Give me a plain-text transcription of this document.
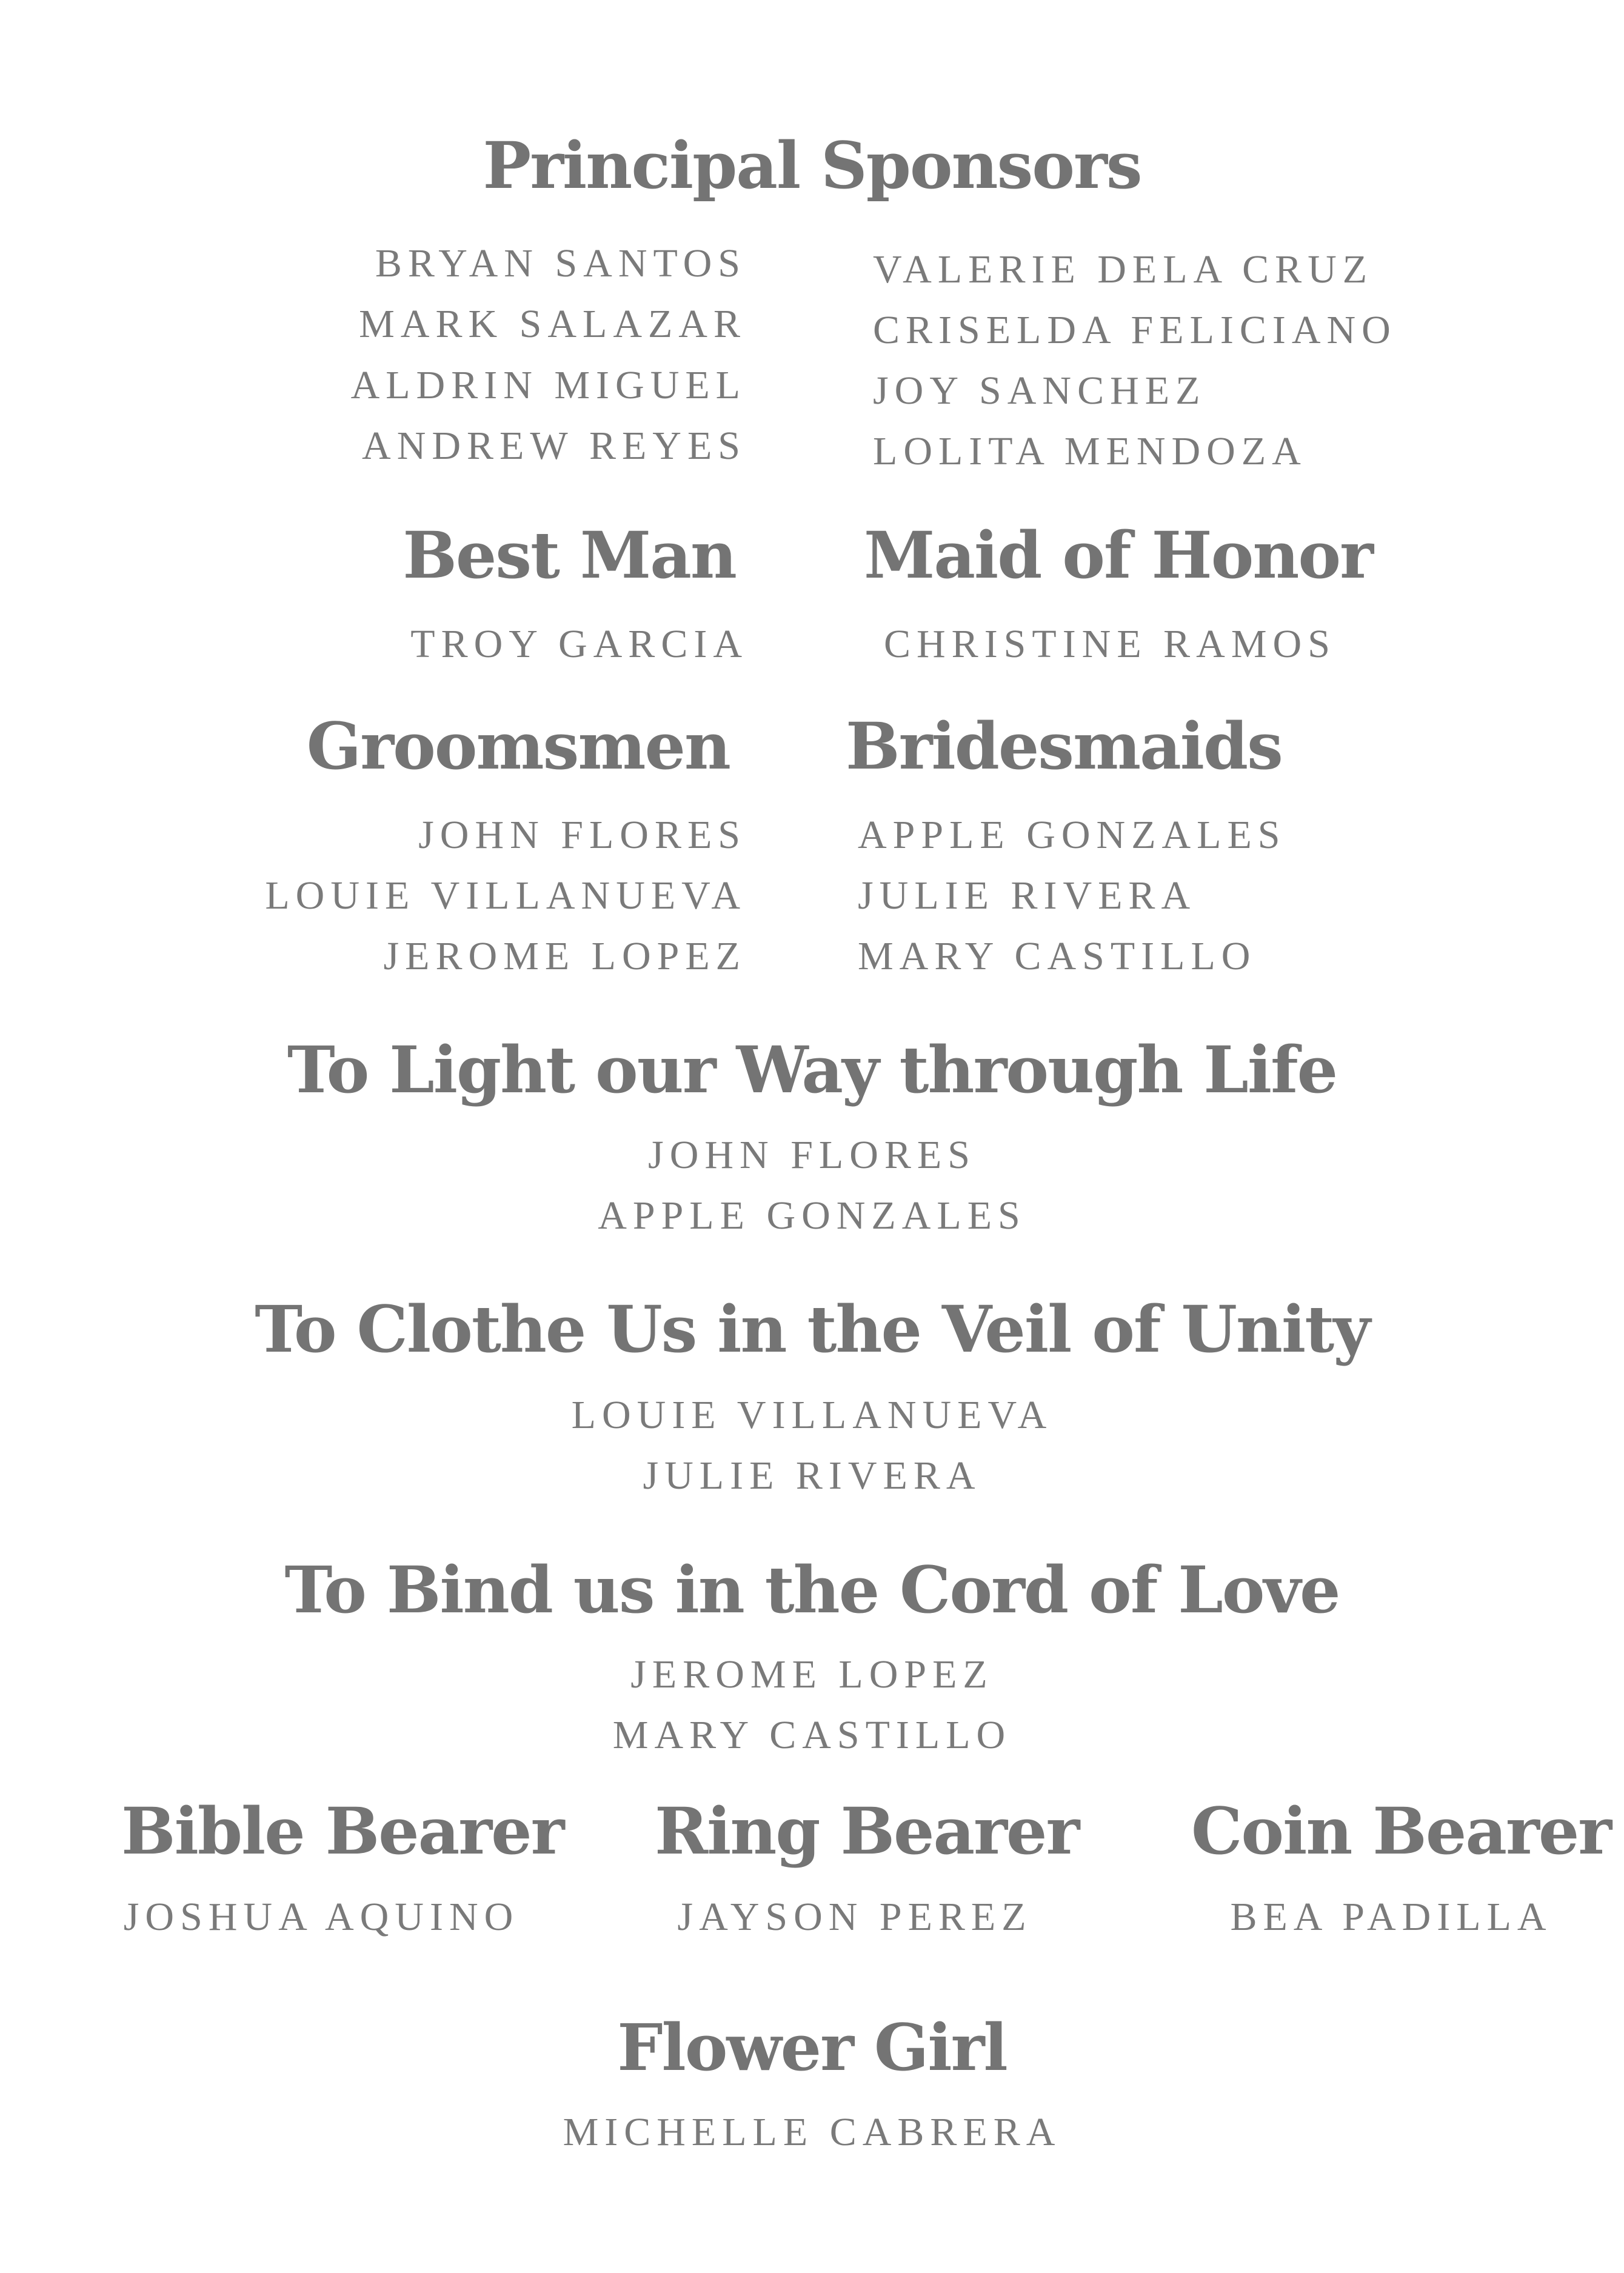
Principal Sponsors
BRYAN SANTOS
MARK SALAZAR
ALDRIN MIGUEL
ANDREW REYES
VALERIE DELA CRUZ
CRISELDA FELICIANO
JOY SANCHEZ
LOLITA MENDOZA
Best Man
TROY GARCIA
Maid of Honor
CHRISTINE RAMOS
Groomsmen
JOHN FLORES
LOUIE VILLANUEVA
JEROME LOPEZ
Bridesmaids
APPLE GONZALES
JULIE RIVERA
MARY CASTILLO
To Light our Way through Life
JOHN FLORES
APPLE GONZALES
To Clothe Us in the Veil of Unity
LOUIE VILLANUEVA
JULIE RIVERA
To Bind us in the Cord of Love
JEROME LOPEZ
MARY CASTILLO
Bible Bearer
JOSHUA AQUINO
Ring Bearer
JAYSON PEREZ
Coin Bearer
BEA PADILLA
Flower Girl
MICHELLE CABRERA
